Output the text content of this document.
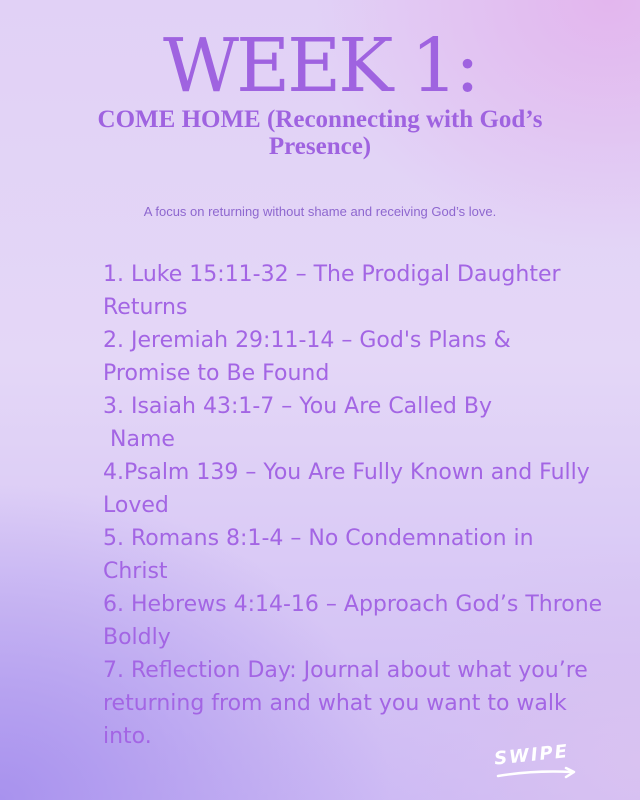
WEEK 1:
COME HOME (Reconnecting with God’s Presence)
A focus on returning without shame and receiving God’s love.
1. Luke 15:11-32 – The Prodigal Daughter Returns
2. Jeremiah 29:11-14 – God's Plans & Promise to Be Found
3. Isaiah 43:1-7 – You Are Called By
Name
4.Psalm 139 – You Are Fully Known and Fully Loved
5. Romans 8:1-4 – No Condemnation in Christ
6. Hebrews 4:14-16 – Approach God’s Throne Boldly
7. Reflection Day: Journal about what you’re returning from and what you want to walk into.
SWIPE
